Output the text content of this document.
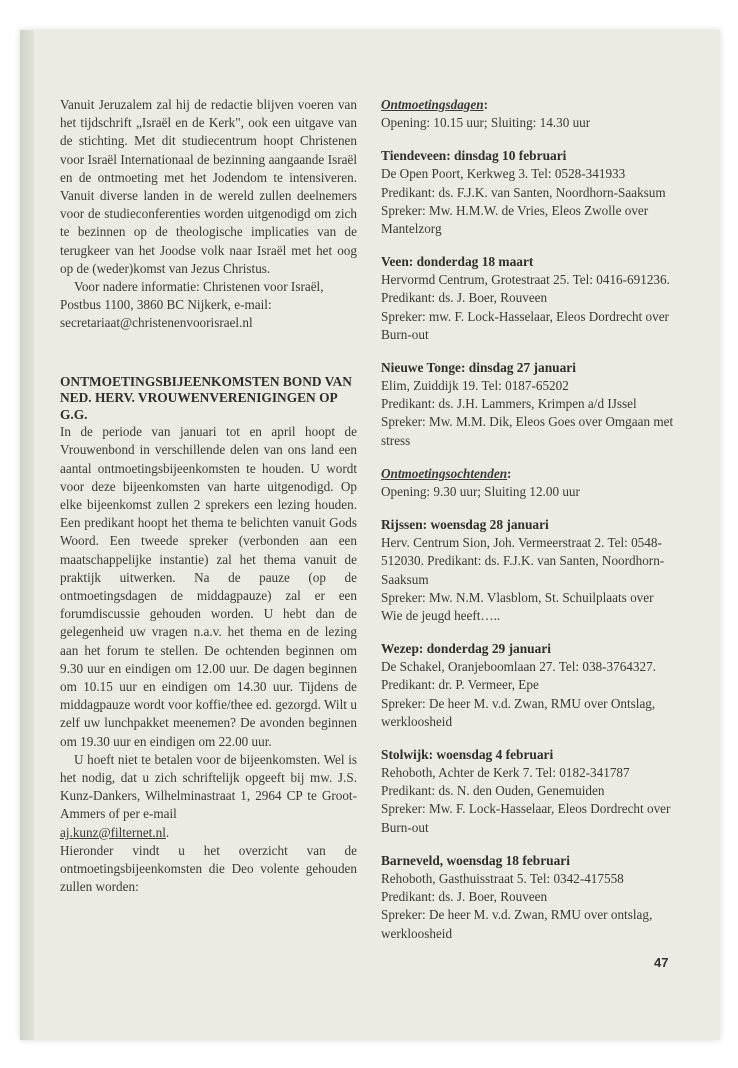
Vanuit Jeruzalem zal hij de redactie blijven voeren van het tijdschrift „Israël en de Kerk", ook een uitgave van de stichting. Met dit studiecentrum hoopt Christenen voor Israël Internationaal de bezinning aangaande Israël en de ontmoeting met het Jodendom te intensiveren. Vanuit diverse landen in de wereld zullen deelnemers voor de studieconferenties worden uitgenodigd om zich te bezinnen op de theologische implicaties van de terugkeer van het Joodse volk naar Israël met het oog op de (weder)komst van Jezus Christus.

Voor nadere informatie: Christenen voor Israël, Postbus 1100, 3860 BC Nijkerk, e-mail: secretariaat@christenenvoorisrael.nl

ONTMOETINGSBIJEENKOMSTEN BOND VAN NED. HERV. VROUWENVERENIGINGEN OP G.G.

In de periode van januari tot en april hoopt de Vrouwenbond in verschillende delen van ons land een aantal ontmoetingsbijeenkomsten te houden. U wordt voor deze bijeenkomsten van harte uitgenodigd. Op elke bijeenkomst zullen 2 sprekers een lezing houden. Een predikant hoopt het thema te belichten vanuit Gods Woord. Een tweede spreker (verbonden aan een maatschappelijke instantie) zal het thema vanuit de praktijk uitwerken. Na de pauze (op de ontmoetingsdagen de middagpauze) zal er een forumdiscussie gehouden worden. U hebt dan de gelegenheid uw vragen n.a.v. het thema en de lezing aan het forum te stellen. De ochtenden beginnen om 9.30 uur en eindigen om 12.00 uur. De dagen beginnen om 10.15 uur en eindigen om 14.30 uur. Tijdens de middagpauze wordt voor koffie/thee ed. gezorgd. Wilt u zelf uw lunchpakket meenemen? De avonden beginnen om 19.30 uur en eindigen om 22.00 uur.

U hoeft niet te betalen voor de bijeenkomsten. Wel is het nodig, dat u zich schriftelijk opgeeft bij mw. J.S. Kunz-Dankers, Wilhelminastraat 1, 2964 CP te Groot-Ammers of per e-mail
aj.kunz@filternet.nl.

Hieronder vindt u het overzicht van de ontmoetingsbijeenkomsten die Deo volente gehouden zullen worden:

Ontmoetingsdagen:
Opening: 10.15 uur; Sluiting: 14.30 uur
Tiendeveen: dinsdag 10 februari
De Open Poort, Kerkweg 3. Tel: 0528-341933
Predikant: ds. F.J.K. van Santen, Noordhorn-Saaksum
Spreker: Mw. H.M.W. de Vries, Eleos Zwolle over Mantelzorg
Veen: donderdag 18 maart
Hervormd Centrum, Grotestraat 25. Tel: 0416-691236. Predikant: ds. J. Boer, Rouveen
Spreker: mw. F. Lock-Hasselaar, Eleos Dordrecht over Burn-out
Nieuwe Tonge: dinsdag 27 januari
Elim, Zuiddijk 19. Tel: 0187-65202
Predikant: ds. J.H. Lammers, Krimpen a/d IJssel
Spreker: Mw. M.M. Dik, Eleos Goes over Omgaan met stress
Ontmoetingsochtenden:
Opening: 9.30 uur; Sluiting 12.00 uur
Rijssen: woensdag 28 januari
Herv. Centrum Sion, Joh. Vermeerstraat 2. Tel: 0548-512030. Predikant: ds. F.J.K. van Santen, Noordhorn-Saaksum
Spreker: Mw. N.M. Vlasblom, St. Schuilplaats over Wie de jeugd heeft…..
Wezep: donderdag 29 januari
De Schakel, Oranjeboomlaan 27. Tel: 038-3764327. Predikant: dr. P. Vermeer, Epe
Spreker: De heer M. v.d. Zwan, RMU over Ontslag, werkloosheid
Stolwijk: woensdag 4 februari
Rehoboth, Achter de Kerk 7. Tel: 0182-341787
Predikant: ds. N. den Ouden, Genemuiden
Spreker: Mw. F. Lock-Hasselaar, Eleos Dordrecht over Burn-out
Barneveld, woensdag 18 februari
Rehoboth, Gasthuisstraat 5. Tel: 0342-417558
Predikant: ds. J. Boer, Rouveen
Spreker: De heer M. v.d. Zwan, RMU over ontslag, werkloosheid
47
